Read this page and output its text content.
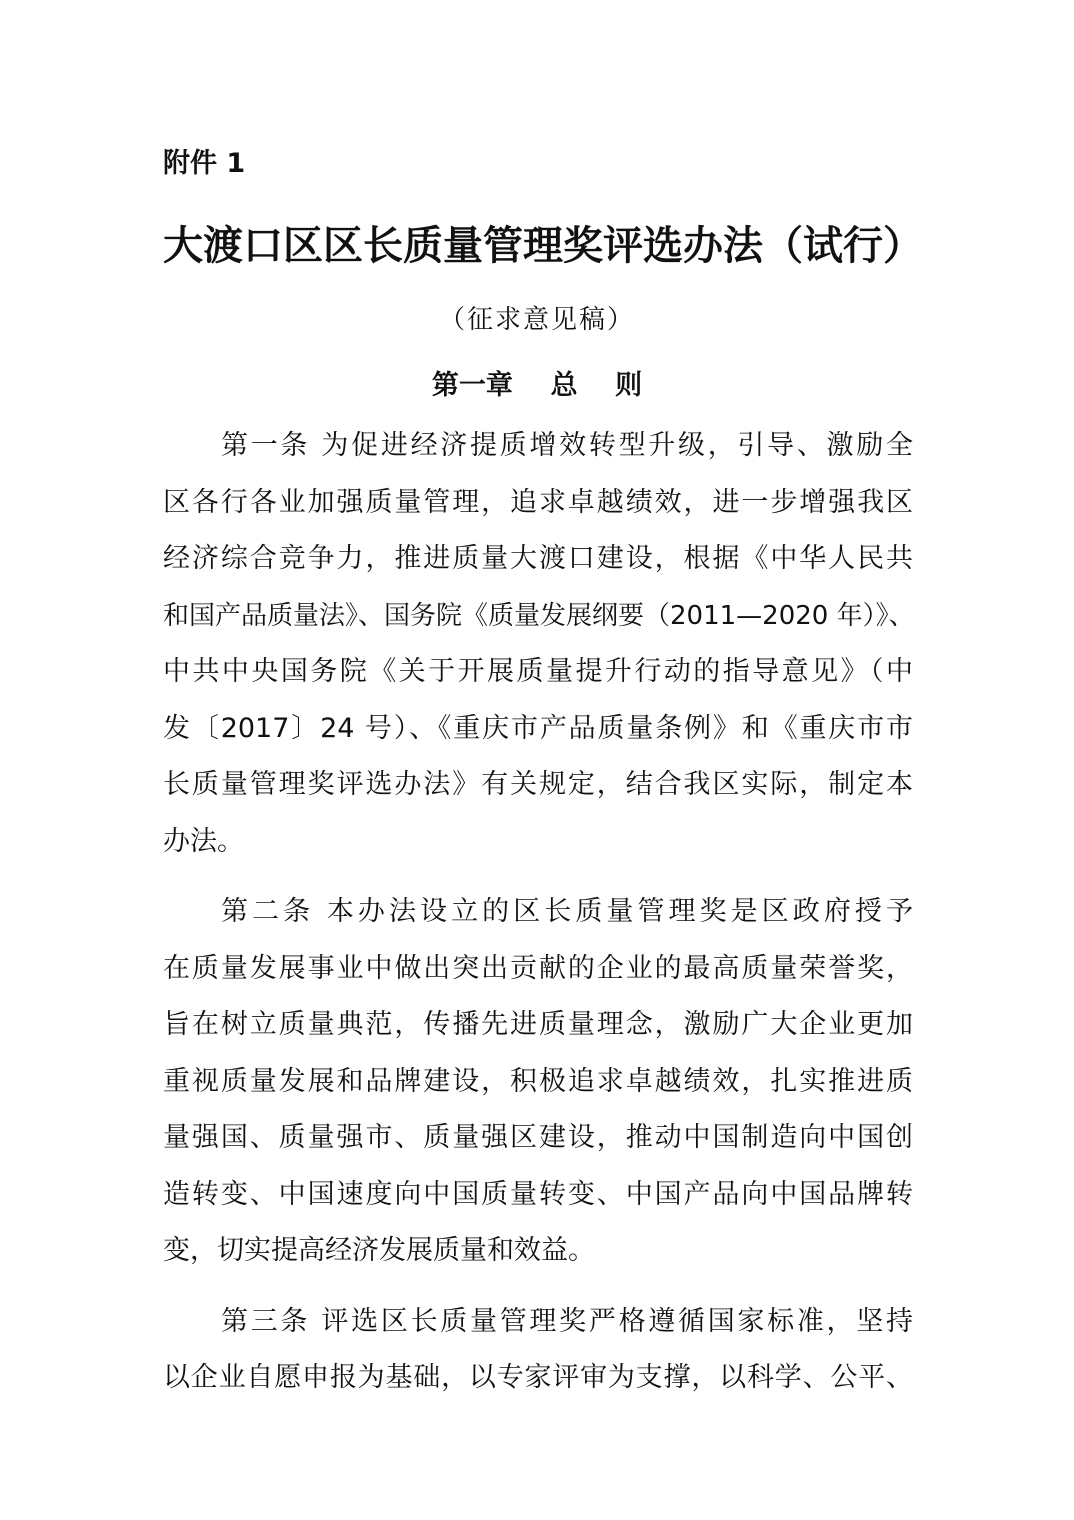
附件 1
大渡口区区长质量管理奖评选办法（试行）
（征求意见稿）
第一章    总    则
第一条 为促进经济提质增效转型升级，引导、激励全
区各行各业加强质量管理，追求卓越绩效，进一步增强我区
经济综合竞争力，推进质量大渡口建设，根据《中华人民共
和国产品质量法》、国务院《质量发展纲要（2011—2020 年）》、
中共中央国务院《关于开展质量提升行动的指导意见》（中
发〔2017〕24 号）、《重庆市产品质量条例》和《重庆市市
长质量管理奖评选办法》有关规定，结合我区实际，制定本
办法。
第二条 本办法设立的区长质量管理奖是区政府授予
在质量发展事业中做出突出贡献的企业的最高质量荣誉奖，
旨在树立质量典范，传播先进质量理念，激励广大企业更加
重视质量发展和品牌建设，积极追求卓越绩效，扎实推进质
量强国、质量强市、质量强区建设，推动中国制造向中国创
造转变、中国速度向中国质量转变、中国产品向中国品牌转
变，切实提高经济发展质量和效益。
第三条 评选区长质量管理奖严格遵循国家标准，坚持
以企业自愿申报为基础，以专家评审为支撑，以科学、公平、
